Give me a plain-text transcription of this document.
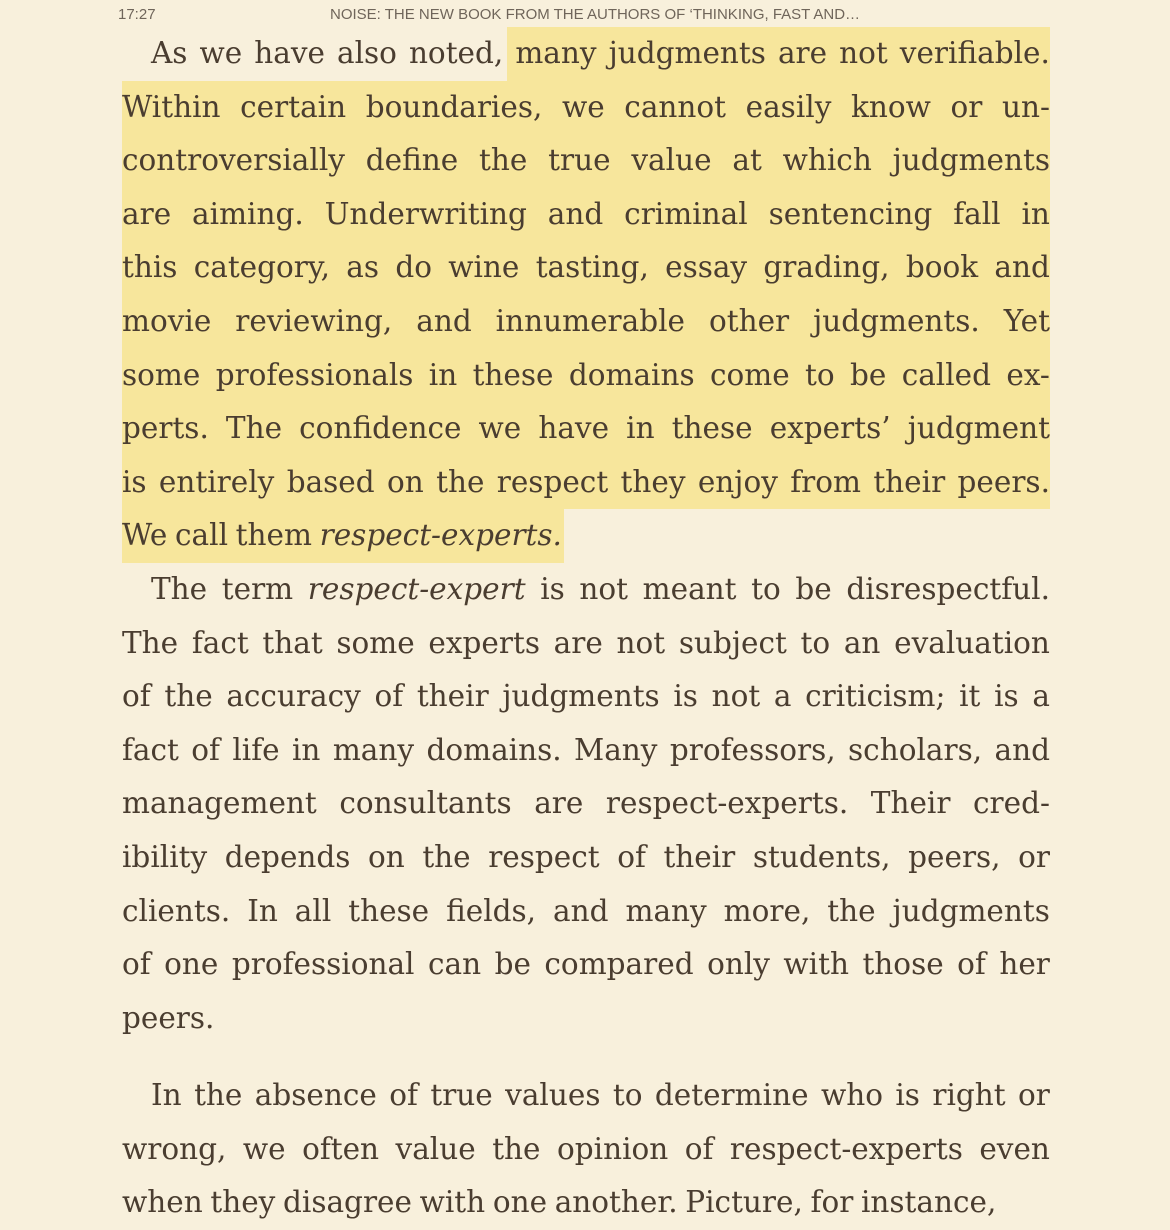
17:27	NOISE: THE NEW BOOK FROM THE AUTHORS OF ‘THINKING, FAST AND…
As we have also noted, many judgments are not verifiable.
Within certain boundaries, we cannot easily know or un-
controversially define the true value at which judgments
are aiming. Underwriting and criminal sentencing fall in
this category, as do wine tasting, essay grading, book and
movie reviewing, and innumerable other judgments. Yet
some professionals in these domains come to be called ex-
perts. The confidence we have in these experts’ judgment
is entirely based on the respect they enjoy from their peers.
We call them respect-experts.
The term respect-expert is not meant to be disrespectful.
The fact that some experts are not subject to an evaluation
of the accuracy of their judgments is not a criticism; it is a
fact of life in many domains. Many professors, scholars, and
management consultants are respect-experts. Their cred-
ibility depends on the respect of their students, peers, or
clients. In all these fields, and many more, the judgments
of one professional can be compared only with those of her
peers.
In the absence of true values to determine who is right or
wrong, we often value the opinion of respect-experts even
when they disagree with one another. Picture, for instance,
